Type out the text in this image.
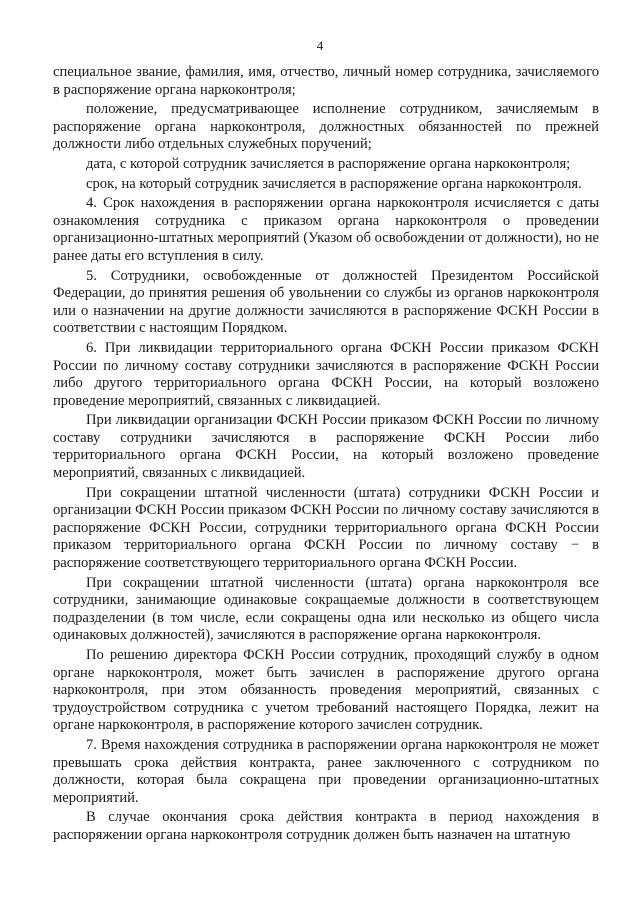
4

специальное звание, фамилия, имя, отчество, личный номер сотрудника, зачисляемого в распоряжение органа наркоконтроля;

положение, предусматривающее исполнение сотрудником, зачисляемым в распоряжение органа наркоконтроля, должностных обязанностей по прежней должности либо отдельных служебных поручений;

дата, с которой сотрудник зачисляется в распоряжение органа наркоконтроля;

срок, на который сотрудник зачисляется в распоряжение органа наркоконтроля.

4. Срок нахождения в распоряжении органа наркоконтроля исчисляется с даты ознакомления сотрудника с приказом органа наркоконтроля о проведении организационно-штатных мероприятий (Указом об освобождении от должности), но не ранее даты его вступления в силу.

5. Сотрудники, освобожденные от должностей Президентом Российской Федерации, до принятия решения об увольнении со службы из органов наркоконтроля или о назначении на другие должности зачисляются в распоряжение ФСКН России в соответствии с настоящим Порядком.

6. При ликвидации территориального органа ФСКН России приказом ФСКН России по личному составу сотрудники зачисляются в распоряжение ФСКН России либо другого территориального органа ФСКН России, на который возложено проведение мероприятий, связанных с ликвидацией.

При ликвидации организации ФСКН России приказом ФСКН России по личному составу сотрудники зачисляются в распоряжение ФСКН России либо территориального органа ФСКН России, на который возложено проведение мероприятий, связанных с ликвидацией.

При сокращении штатной численности (штата) сотрудники ФСКН России и организации ФСКН России приказом ФСКН России по личному составу зачисляются в распоряжение ФСКН России, сотрудники территориального органа ФСКН России приказом территориального органа ФСКН России по личному составу − в распоряжение соответствующего территориального органа ФСКН России.

При сокращении штатной численности (штата) органа наркоконтроля все сотрудники, занимающие одинаковые сокращаемые должности в соответствующем подразделении (в том числе, если сокращены одна или несколько из общего числа одинаковых должностей), зачисляются в распоряжение органа наркоконтроля.

По решению директора ФСКН России сотрудник, проходящий службу в одном органе наркоконтроля, может быть зачислен в распоряжение другого органа наркоконтроля, при этом обязанность проведения мероприятий, связанных с трудоустройством сотрудника с учетом требований настоящего Порядка, лежит на органе наркоконтроля, в распоряжение которого зачислен сотрудник.

7. Время нахождения сотрудника в распоряжении органа наркоконтроля не может превышать срока действия контракта, ранее заключенного с сотрудником по должности, которая была сокращена при проведении организационно-штатных мероприятий.

В случае окончания срока действия контракта в период нахождения в распоряжении органа наркоконтроля сотрудник должен быть назначен на штатную
